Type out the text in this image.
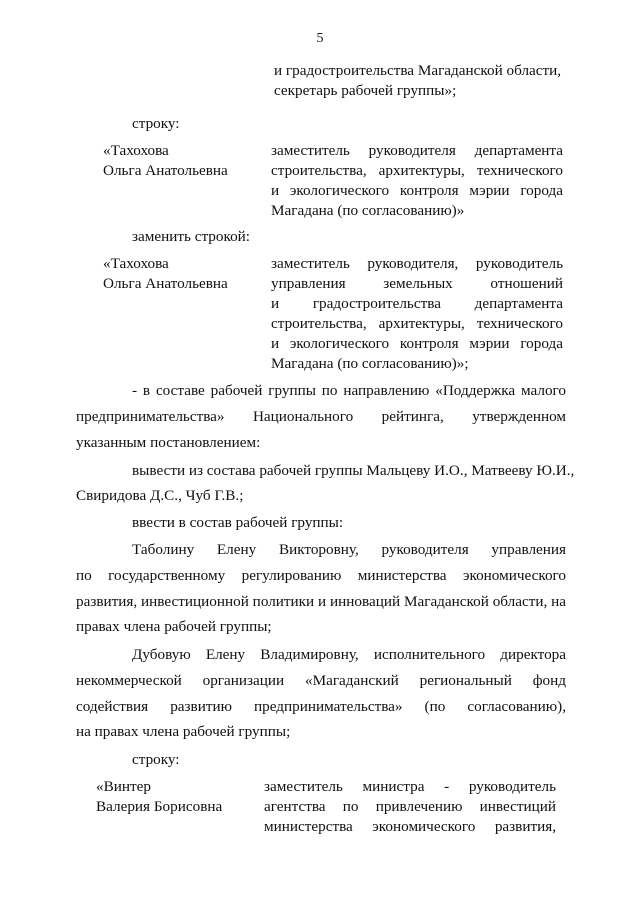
5
и градостроительства Магаданской области,
секретарь рабочей группы»;
строку:
«Тахохова
Ольга Анатольевна
заместитель руководителя департамента
строительства, архитектуры, технического
и экологического контроля мэрии города
Магадана (по согласованию)»
заменить строкой:
«Тахохова
Ольга Анатольевна
заместитель руководителя, руководитель
управления земельных отношений
и градостроительства департамента
строительства, архитектуры, технического
и экологического контроля мэрии города
Магадана (по согласованию)»;
- в составе рабочей группы по направлению «Поддержка малого
предпринимательства» Национального рейтинга, утвержденном
указанным постановлением:
вывести из состава рабочей группы Мальцеву И.О., Матвееву Ю.И.,
Свиридова Д.С., Чуб Г.В.;
ввести в состав рабочей группы:
Таболину Елену Викторовну, руководителя управления
по государственному регулированию министерства экономического
развития, инвестиционной политики и инноваций Магаданской области, на
правах члена рабочей группы;
Дубовую Елену Владимировну, исполнительного директора
некоммерческой организации «Магаданский региональный фонд
содействия развитию предпринимательства» (по согласованию),
на правах члена рабочей группы;
строку:
«Винтер
Валерия Борисовна
заместитель министра - руководитель
агентства по привлечению инвестиций
министерства экономического развития,
